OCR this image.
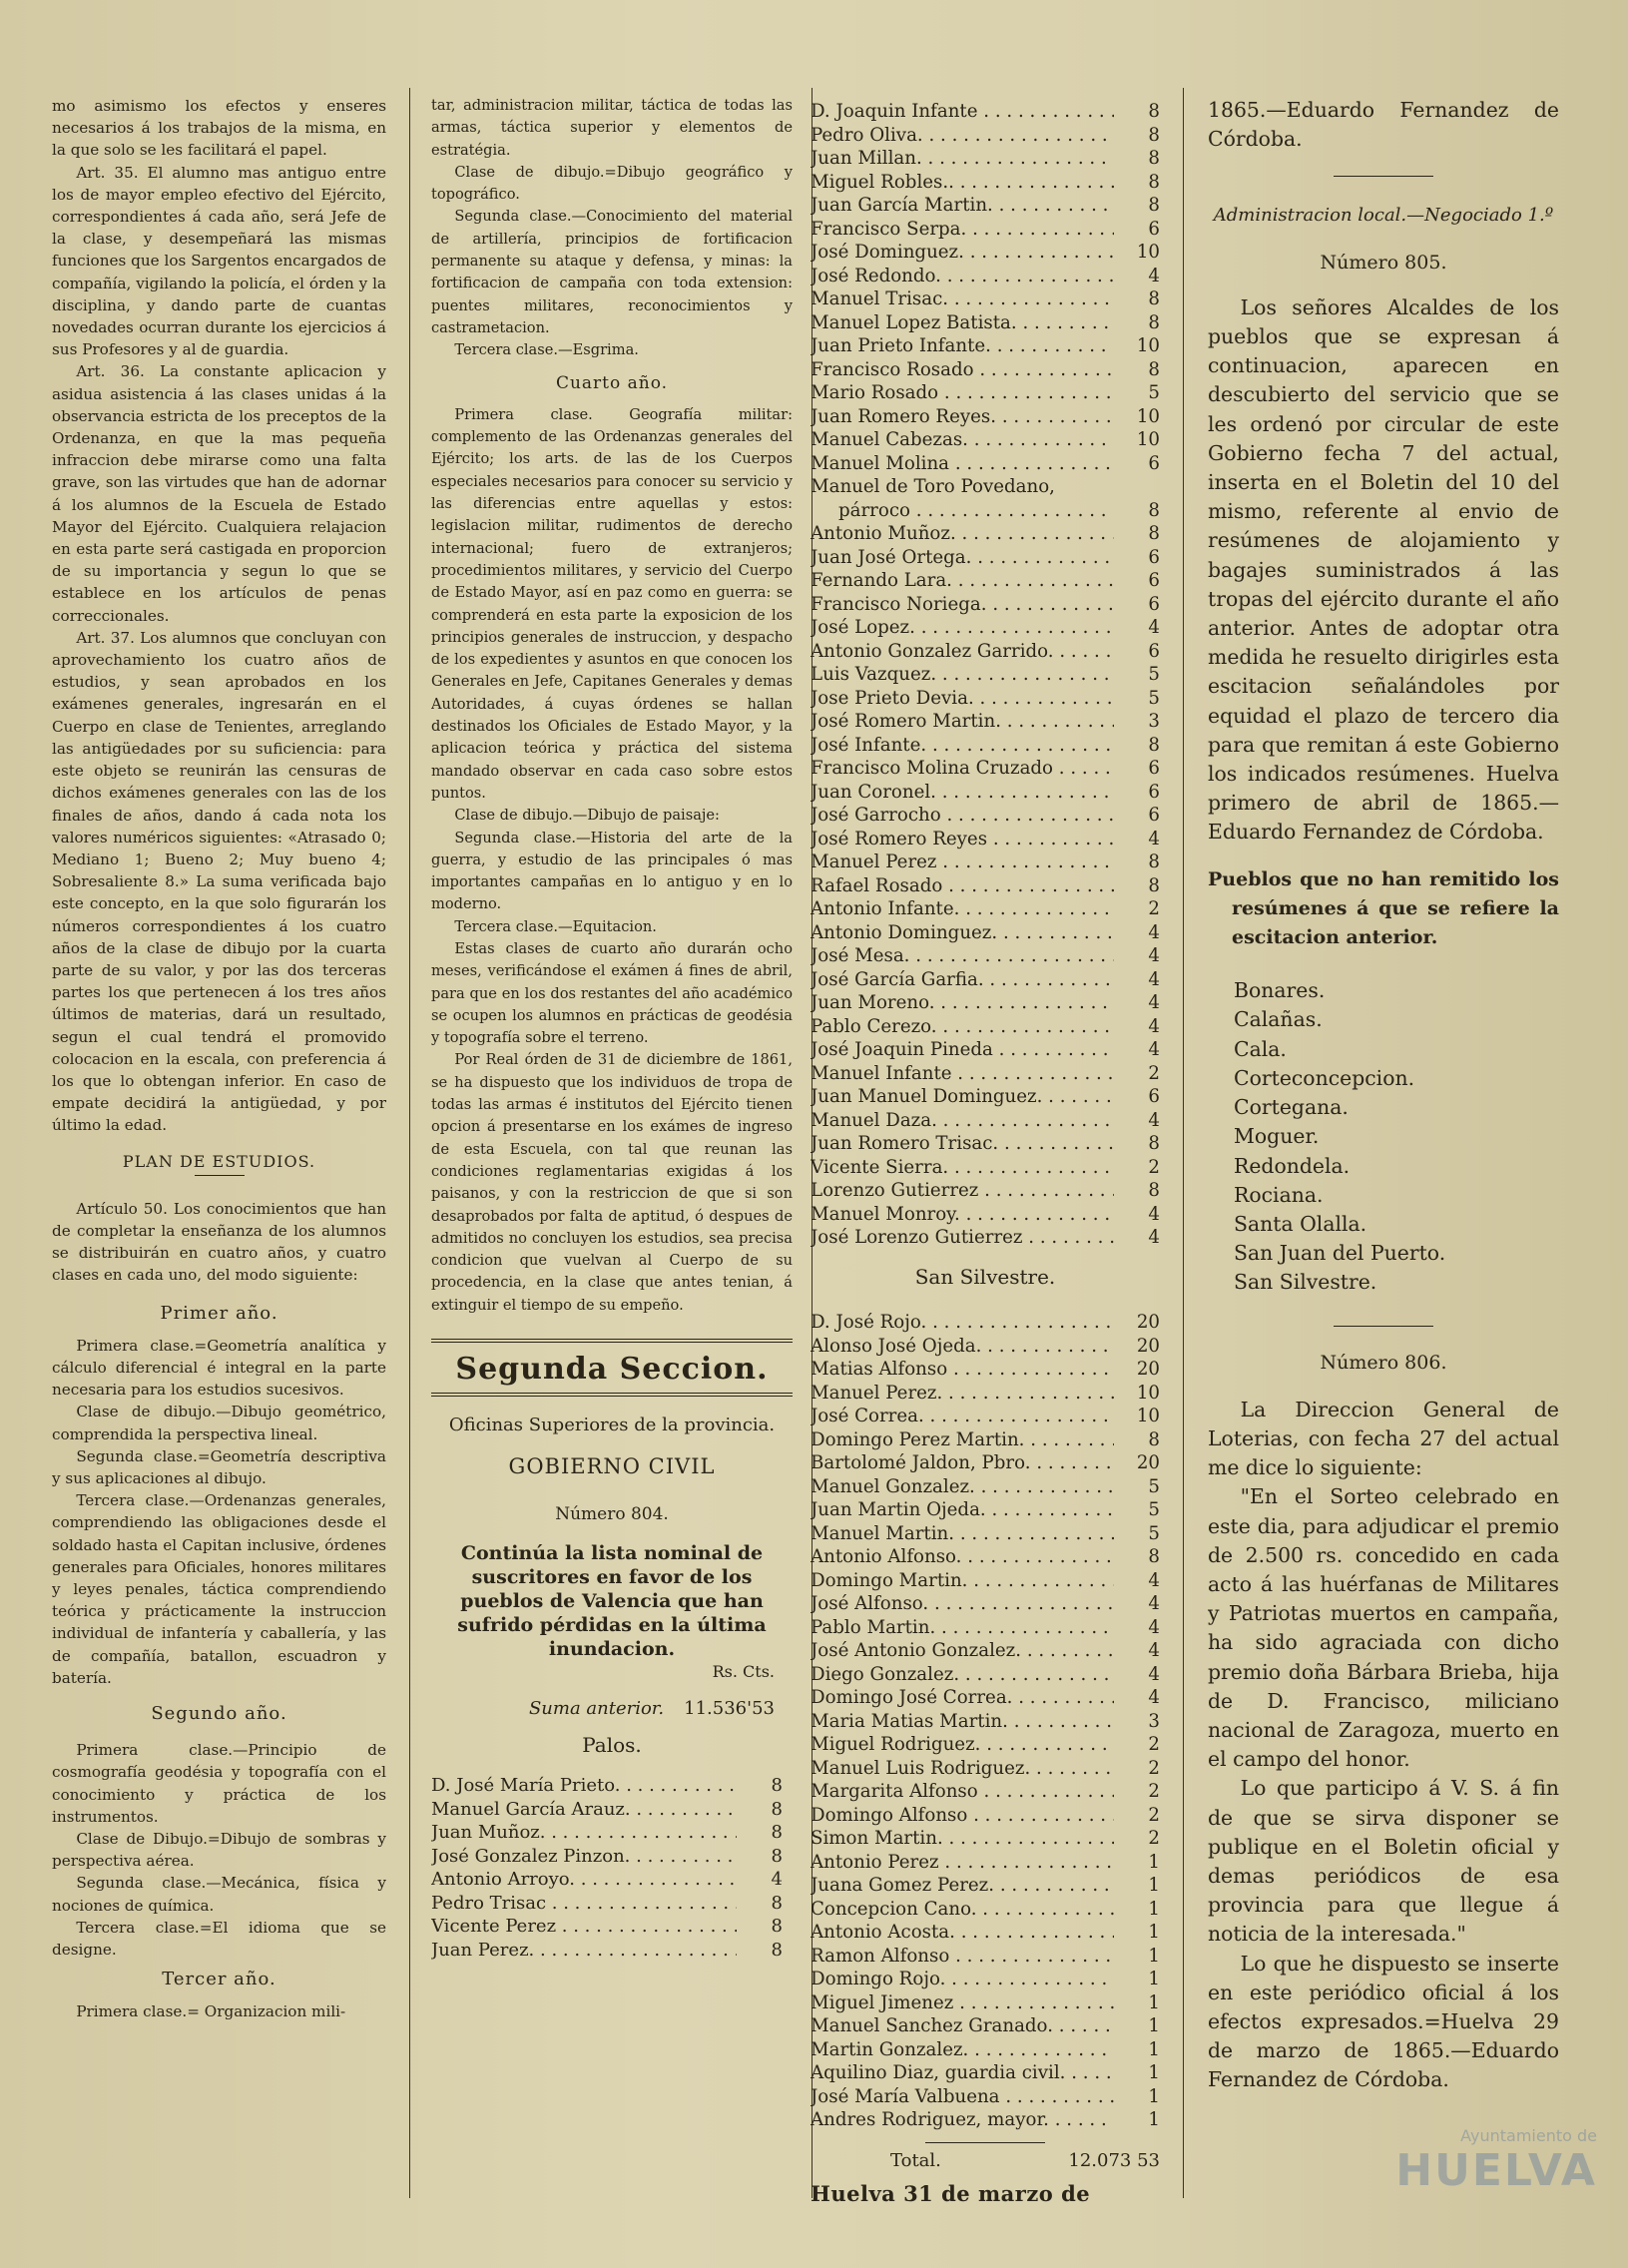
mo asimismo los efectos y enseres necesarios á los trabajos de la misma, en la que solo se les facilitará el papel.

Art. 35. El alumno mas antiguo entre los de mayor empleo efectivo del Ejército, correspondientes á cada año, será Jefe de la clase, y desempeñará las mismas funciones que los Sargentos encargados de compañía, vigilando la policía, el órden y la disciplina, y dando parte de cuantas novedades ocurran durante los ejercicios á sus Profesores y al de guardia.

Art. 36. La constante aplicacion y asidua asistencia á las clases unidas á la observancia estricta de los preceptos de la Ordenanza, en que la mas pequeña infraccion debe mirarse como una falta grave, son las virtudes que han de adornar á los alumnos de la Escuela de Estado Mayor del Ejército. Cualquiera relajacion en esta parte será castigada en proporcion de su importancia y segun lo que se establece en los artículos de penas correccionales.

Art. 37. Los alumnos que concluyan con aprovechamiento los cuatro años de estudios, y sean aprobados en los exámenes generales, ingresarán en el Cuerpo en clase de Tenientes, arreglando las antigüedades por su suficiencia: para este objeto se reunirán las censuras de dichos exámenes generales con las de los finales de años, dando á cada nota los valores numéricos siguientes: «Atrasado 0; Mediano 1; Bueno 2; Muy bueno 4; Sobresaliente 8.» La suma verificada bajo este concepto, en la que solo figurarán los números correspondientes á los cuatro años de la clase de dibujo por la cuarta parte de su valor, y por las dos terceras partes los que pertenecen á los tres años últimos de materias, dará un resultado, segun el cual tendrá el promovido colocacion en la escala, con preferencia á los que lo obtengan inferior. En caso de empate decidirá la antigüedad, y por último la edad.

PLAN DE ESTUDIOS.

Artículo 50. Los conocimientos que han de completar la enseñanza de los alumnos se distribuirán en cuatro años, y cuatro clases en cada uno, del modo siguiente:

Primer año.

Primera clase.=Geometría analítica y cálculo diferencial é integral en la parte necesaria para los estudios sucesivos.

Clase de dibujo.—Dibujo geométrico, comprendida la perspectiva lineal.

Segunda clase.=Geometría descriptiva y sus aplicaciones al dibujo.

Tercera clase.—Ordenanzas generales, comprendiendo las obligaciones desde el soldado hasta el Capitan inclusive, órdenes generales para Oficiales, honores militares y leyes penales, táctica comprendiendo teórica y prácticamente la instruccion individual de infantería y caballería, y las de compañía, batallon, escuadron y batería.

Segundo año.

Primera clase.—Principio de cosmografía geodésia y topografía con el conocimiento y práctica de los instrumentos.

Clase de Dibujo.=Dibujo de sombras y perspectiva aérea.

Segunda clase.—Mecánica, física y nociones de química.

Tercera clase.=El idioma que se designe.

Tercer año.

Primera clase.= Organizacion mili-

tar, administracion militar, táctica de todas las armas, táctica superior y elementos de estratégia.

Clase de dibujo.=Dibujo geográfico y topográfico.

Segunda clase.—Conocimiento del material de artillería, principios de fortificacion permanente su ataque y defensa, y minas: la fortificacion de campaña con toda extension: puentes militares, reconocimientos y castrametacion.

Tercera clase.—Esgrima.

Cuarto año.

Primera clase. Geografía militar: complemento de las Ordenanzas generales del Ejército; los arts. de las de los Cuerpos especiales necesarios para conocer su servicio y las diferencias entre aquellas y estos: legislacion militar, rudimentos de derecho internacional; fuero de extranjeros; procedimientos militares, y servicio del Cuerpo de Estado Mayor, así en paz como en guerra: se comprenderá en esta parte la exposicion de los principios generales de instruccion, y despacho de los expedientes y asuntos en que conocen los Generales en Jefe, Capitanes Generales y demas Autoridades, á cuyas órdenes se hallan destinados los Oficiales de Estado Mayor, y la aplicacion teórica y práctica del sistema mandado observar en cada caso sobre estos puntos.

Clase de dibujo.—Dibujo de paisaje:

Segunda clase.—Historia del arte de la guerra, y estudio de las principales ó mas importantes campañas en lo antiguo y en lo moderno.

Tercera clase.—Equitacion.

Estas clases de cuarto año durarán ocho meses, verificándose el exámen á fines de abril, para que en los dos restantes del año académico se ocupen los alumnos en prácticas de geodésia y topografía sobre el terreno.

Por Real órden de 31 de diciembre de 1861, se ha dispuesto que los individuos de tropa de todas las armas é institutos del Ejército tienen opcion á presentarse en los exámes de ingreso de esta Escuela, con tal que reunan las condiciones reglamentarias exigidas á los paisanos, y con la restriccion de que si son desaprobados por falta de aptitud, ó despues de admitidos no concluyen los estudios, sea precisa condicion que vuelvan al Cuerpo de su procedencia, en la clase que antes tenian, á extinguir el tiempo de su empeño.

Segunda Seccion.

Oficinas Superiores de la provincia.

GOBIERNO CIVIL

Número 804.

Continúa la lista nominal de suscritores en favor de los pueblos de Valencia que han sufrido pérdidas en la última inundacion.

Rs. Cts.

Suma anterior. 11.536'53

Palos.

D. José María Prieto. . . .	8
Manuel García Arauz. . . .	8
Juan Muñoz. . . .	8
José Gonzalez Pinzon. . . .	8
Antonio Arroyo. . . .	4
Pedro Trisac . . .	8
Vicente Perez . . .	8
Juan Perez. . . .	8
D. Joaquin Infante . . .	8
Pedro Oliva. . . .	8
Juan Millan. . . .	8
Miguel Robles.. . . .	8
Juan García Martin. . . .	8
Francisco Serpa. . . .	6
José Dominguez. . . .	10
José Redondo. . . .	4
Manuel Trisac. . . .	8
Manuel Lopez Batista. . . .	8
Juan Prieto Infante. . . .	10
Francisco Rosado . . .	8
Mario Rosado . . .	5
Juan Romero Reyes. . . .	10
Manuel Cabezas. . . .	10
Manuel Molina . . .	6
Manuel de Toro Povedano,
párroco . . .	8
Antonio Muñoz. . . .	8
Juan José Ortega. . . .	6
Fernando Lara. . . .	6
Francisco Noriega. . . .	6
José Lopez. . . .	4
Antonio Gonzalez Garrido. . . .	6
Luis Vazquez. . . .	5
Jose Prieto Devia. . . .	5
José Romero Martin. . . .	3
José Infante. . . .	8
Francisco Molina Cruzado . . .	6
Juan Coronel. . . .	6
José Garrocho . . .	6
José Romero Reyes . . .	4
Manuel Perez . . .	8
Rafael Rosado . . .	8
Antonio Infante. . . .	2
Antonio Dominguez. . . .	4
José Mesa. . . .	4
José García Garfia. . . .	4
Juan Moreno. . . .	4
Pablo Cerezo. . . .	4
José Joaquin Pineda . . .	4
Manuel Infante . . .	2
Juan Manuel Dominguez. . . .	6
Manuel Daza. . . .	4
Juan Romero Trisac. . . .	8
Vicente Sierra. . . .	2
Lorenzo Gutierrez . . .	8
Manuel Monroy. . . .	4
José Lorenzo Gutierrez . . .	4

San Silvestre.

D. José Rojo. . . .	20
Alonso José Ojeda. . . .	20
Matias Alfonso . . .	20
Manuel Perez. . . .	10
José Correa. . . .	10
Domingo Perez Martin. . . .	8
Bartolomé Jaldon, Pbro. . . .	20
Manuel Gonzalez. . . .	5
Juan Martin Ojeda. . . .	5
Manuel Martin. . . .	5
Antonio Alfonso. . . .	8
Domingo Martin. . . .	4
José Alfonso. . . .	4
Pablo Martin. . . .	4
José Antonio Gonzalez. . . .	4
Diego Gonzalez. . . .	4
Domingo José Correa. . . .	4
Maria Matias Martin. . . .	3
Miguel Rodriguez. . . .	2
Manuel Luis Rodriguez. . . .	2
Margarita Alfonso . . .	2
Domingo Alfonso . . .	2
Simon Martin. . . .	2
Antonio Perez . . .	1
Juana Gomez Perez. . . .	1
Concepcion Cano. . . .	1
Antonio Acosta. . . .	1
Ramon Alfonso . . .	1
Domingo Rojo. . . .	1
Miguel Jimenez . . .	1
Manuel Sanchez Granado. . . .	1
Martin Gonzalez. . . .	1
Aquilino Diaz, guardia civil. . . .	1
José María Valbuena . . .	1
Andres Rodriguez, mayor. . . .	1
Total.	12.073 53

Huelva 31 de marzo de

1865.—Eduardo Fernandez de Córdoba.

Administracion local.—Negociado 1.º

Número 805.

Los señores Alcaldes de los pueblos que se expresan á continuacion, aparecen en descubierto del servicio que se les ordenó por circular de este Gobierno fecha 7 del actual, inserta en el Boletin del 10 del mismo, referente al envio de resúmenes de alojamiento y bagajes suministrados á las tropas del ejército durante el año anterior. Antes de adoptar otra medida he resuelto dirigirles esta escitacion señalándoles por equidad el plazo de tercero dia para que remitan á este Gobierno los indicados resúmenes. Huelva primero de abril de 1865.—Eduardo Fernandez de Córdoba.

Pueblos que no han remitido los resúmenes á que se refiere la escitacion anterior.

Bonares.
Calañas.
Cala.
Corteconcepcion.
Cortegana.
Moguer.
Redondela.
Rociana.
Santa Olalla.
San Juan del Puerto.
San Silvestre.

Número 806.

La Direccion General de Loterias, con fecha 27 del actual me dice lo siguiente:

"En el Sorteo celebrado en este dia, para adjudicar el premio de 2.500 rs. concedido en cada acto á las huérfanas de Militares y Patriotas muertos en campaña, ha sido agraciada con dicho premio doña Bárbara Brieba, hija de D. Francisco, miliciano nacional de Zaragoza, muerto en el campo del honor.

Lo que participo á V. S. á fin de que se sirva disponer se publique en el Boletin oficial y demas periódicos de esa provincia para que llegue á noticia de la interesada."

Lo que he dispuesto se inserte en este periódico oficial á los efectos expresados.=Huelva 29 de marzo de 1865.—Eduardo Fernandez de Córdoba.

Ayuntamiento de
HUELVA
